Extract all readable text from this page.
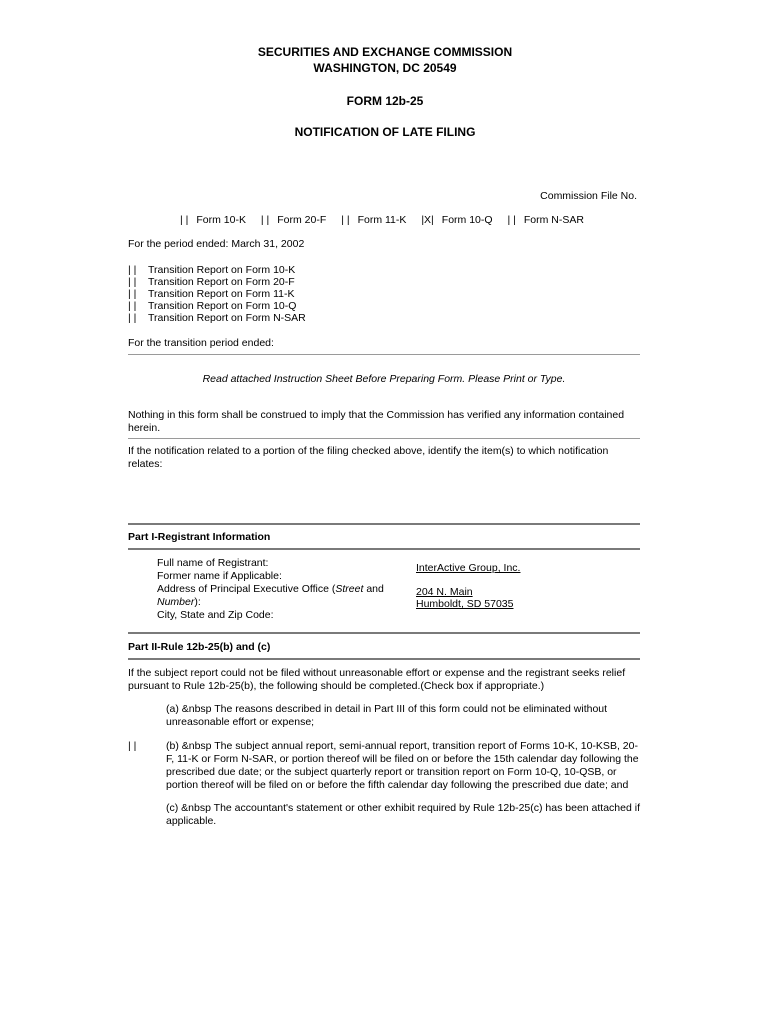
SECURITIES AND EXCHANGE COMMISSION
WASHINGTON, DC 20549
FORM 12b-25
NOTIFICATION OF LATE FILING
Commission File No.
| | Form 10-K | | Form 20-F | | Form 11-K |X| Form 10-Q | | Form N-SAR
For the period ended: March 31, 2002
| | Transition Report on Form 10-K
| | Transition Report on Form 20-F
| | Transition Report on Form 11-K
| | Transition Report on Form 10-Q
| | Transition Report on Form N-SAR
For the transition period ended:
Read attached Instruction Sheet Before Preparing Form. Please Print or Type.
Nothing in this form shall be construed to imply that the Commission has verified any information contained herein.
If the notification related to a portion of the filing checked above, identify the item(s) to which notification relates:
Part I-Registrant Information
Full name of Registrant:
Former name if Applicable:
Address of Principal Executive Office (Street and
Number):
City, State and Zip Code:
InterActive Group, Inc.
204 N. Main
Humboldt, SD 57035
Part II-Rule 12b-25(b) and (c)
If the subject report could not be filed without unreasonable effort or expense and the registrant seeks relief pursuant to Rule 12b-25(b), the following should be completed.(Check box if appropriate.)
(a) &nbsp The reasons described in detail in Part III of this form could not be eliminated without unreasonable effort or expense;
| |	(b) &nbsp The subject annual report, semi-annual report, transition report of Forms 10-K, 10-KSB, 20-F, 11-K or Form N-SAR, or portion thereof will be filed on or before the 15th calendar day following the prescribed due date; or the subject quarterly report or transition report on Form 10-Q, 10-QSB, or portion thereof will be filed on or before the fifth calendar day following the prescribed due date; and
(c) &nbsp The accountant's statement or other exhibit required by Rule 12b-25(c) has been attached if applicable.
